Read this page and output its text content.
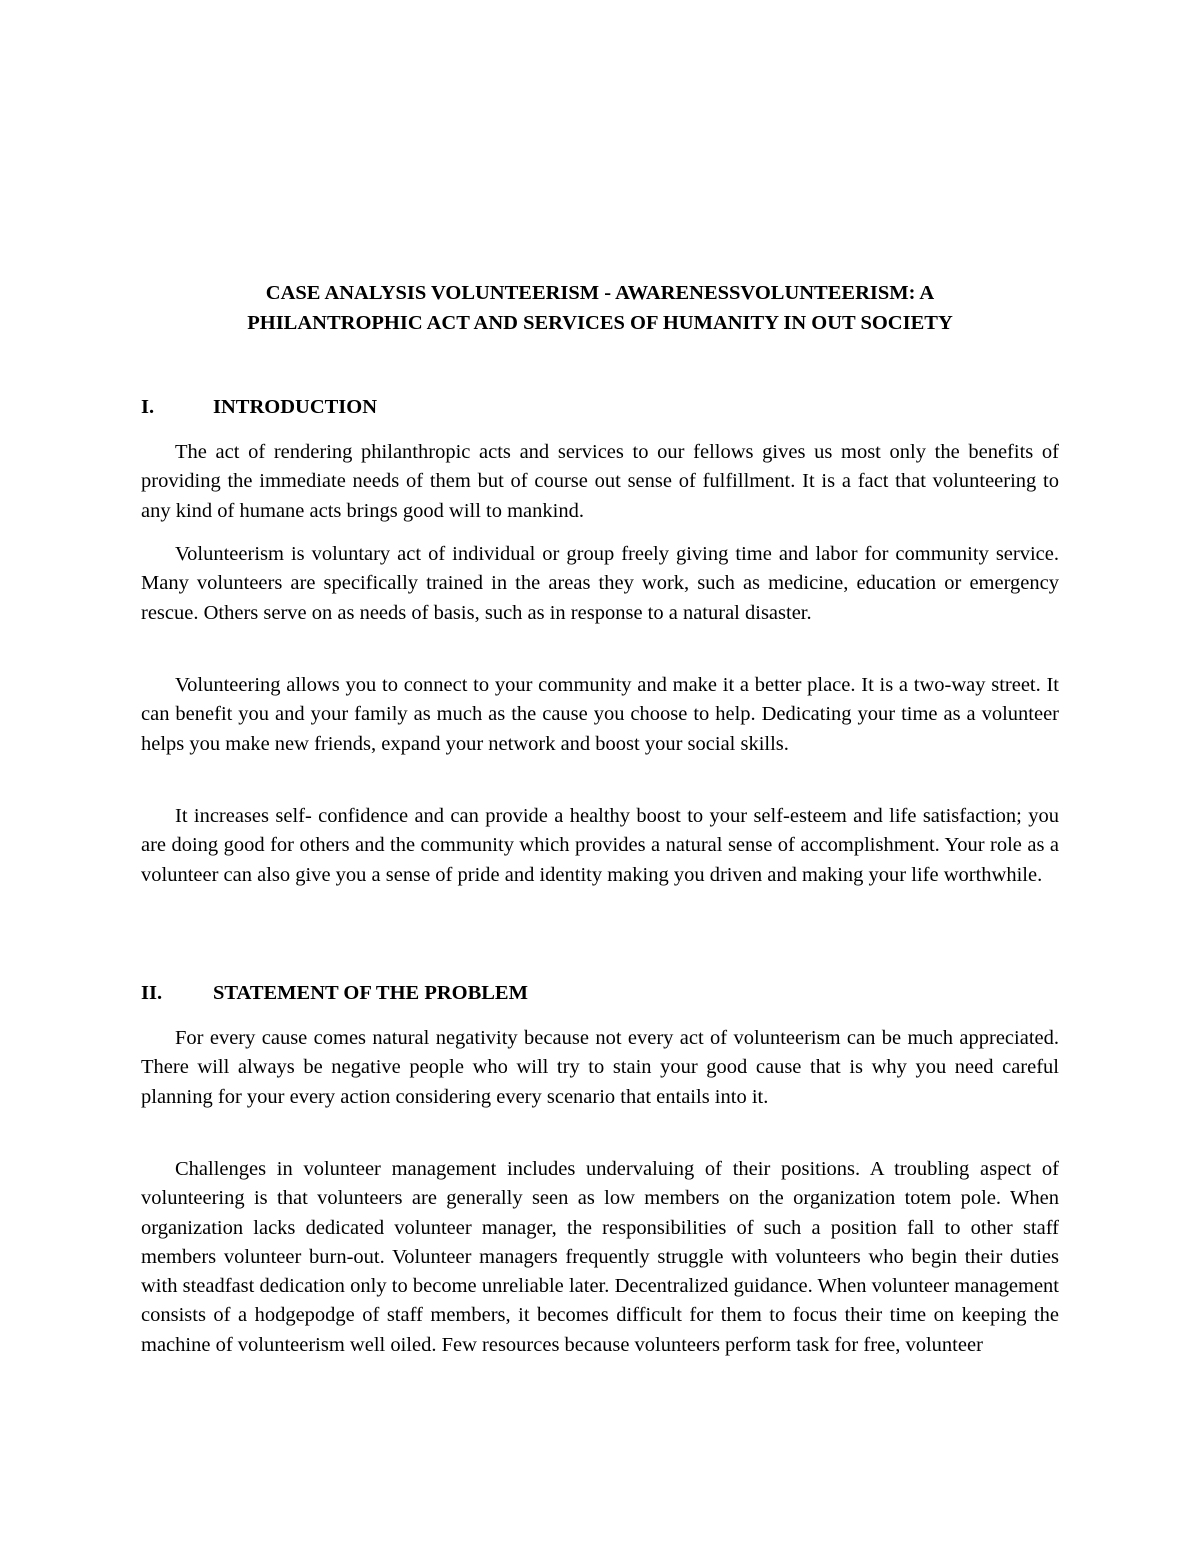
CASE ANALYSIS VOLUNTEERISM - AWARENESSVOLUNTEERISM: A
PHILANTROPHIC ACT AND SERVICES OF HUMANITY IN OUT SOCIETY
I.	INTRODUCTION

The act of rendering philanthropic acts and services to our fellows gives us most only the benefits of providing the immediate needs of them but of course out sense of fulfillment. It is a fact that volunteering to any kind of humane acts brings good will to mankind.

Volunteerism is voluntary act of individual or group freely giving time and labor for community service. Many volunteers are specifically trained in the areas they work, such as medicine, education or emergency rescue. Others serve on as needs of basis, such as in response to a natural disaster.

Volunteering allows you to connect to your community and make it a better place. It is a two-way street. It can benefit you and your family as much as the cause you choose to help. Dedicating your time as a volunteer helps you make new friends, expand your network and boost your social skills.

It increases self- confidence and can provide a healthy boost to your self-esteem and life satisfaction; you are doing good for others and the community which provides a natural sense of accomplishment. Your role as a volunteer can also give you a sense of pride and identity making you driven and making your life worthwhile.

II. STATEMENT OF THE PROBLEM

For every cause comes natural negativity because not every act of volunteerism can be much appreciated. There will always be negative people who will try to stain your good cause that is why you need careful planning for your every action considering every scenario that entails into it.

Challenges in volunteer management includes undervaluing of their positions. A troubling aspect of volunteering is that volunteers are generally seen as low members on the organization totem pole. When organization lacks dedicated volunteer manager, the responsibilities of such a position fall to other staff members volunteer burn-out. Volunteer managers frequently struggle with volunteers who begin their duties with steadfast dedication only to become unreliable later. Decentralized guidance. When volunteer management consists of a hodgepodge of staff members, it becomes difficult for them to focus their time on keeping the machine of volunteerism well oiled. Few resources because volunteers perform task for free, volunteer
